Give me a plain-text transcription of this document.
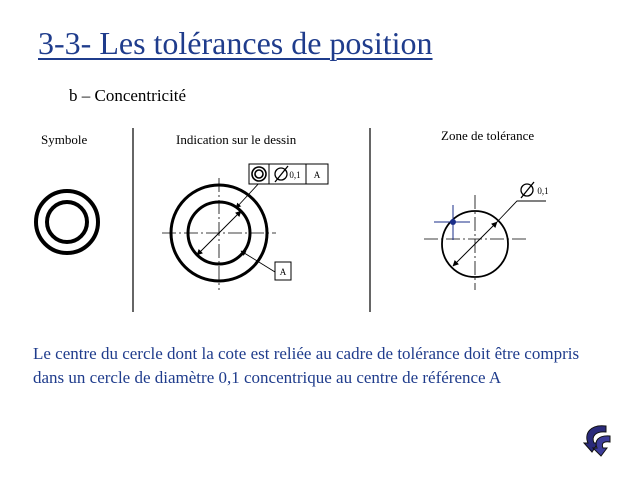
3-3- Les tolérances de position
b – Concentricité
Symbole	Indication sur le dessin	Zone de tolérance
0,1 A
A
0,1
Le centre du cercle dont la cote est reliée au cadre de tolérance doit être compris dans un cercle de diamètre 0,1 concentrique au centre de référence A
